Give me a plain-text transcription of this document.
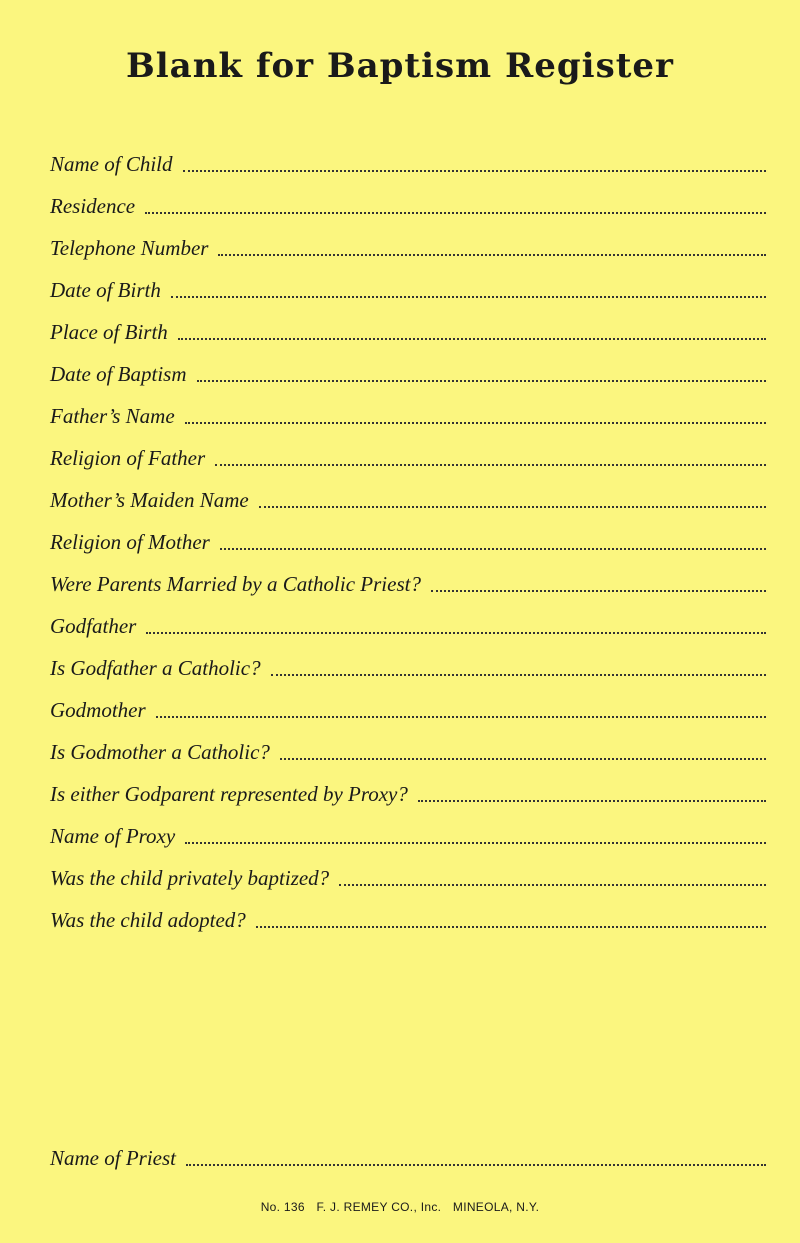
Blank for Baptism Register
Name of Child
Residence
Telephone Number
Date of Birth
Place of Birth
Date of Baptism
Father’s Name
Religion of Father
Mother’s Maiden Name
Religion of Mother
Were Parents Married by a Catholic Priest?
Godfather
Is Godfather a Catholic?
Godmother
Is Godmother a Catholic?
Is either Godparent represented by Proxy?
Name of Proxy
Was the child privately baptized?
Was the child adopted?
Name of Priest
No. 136 F. J. REMEY CO., Inc. MINEOLA, N.Y.
